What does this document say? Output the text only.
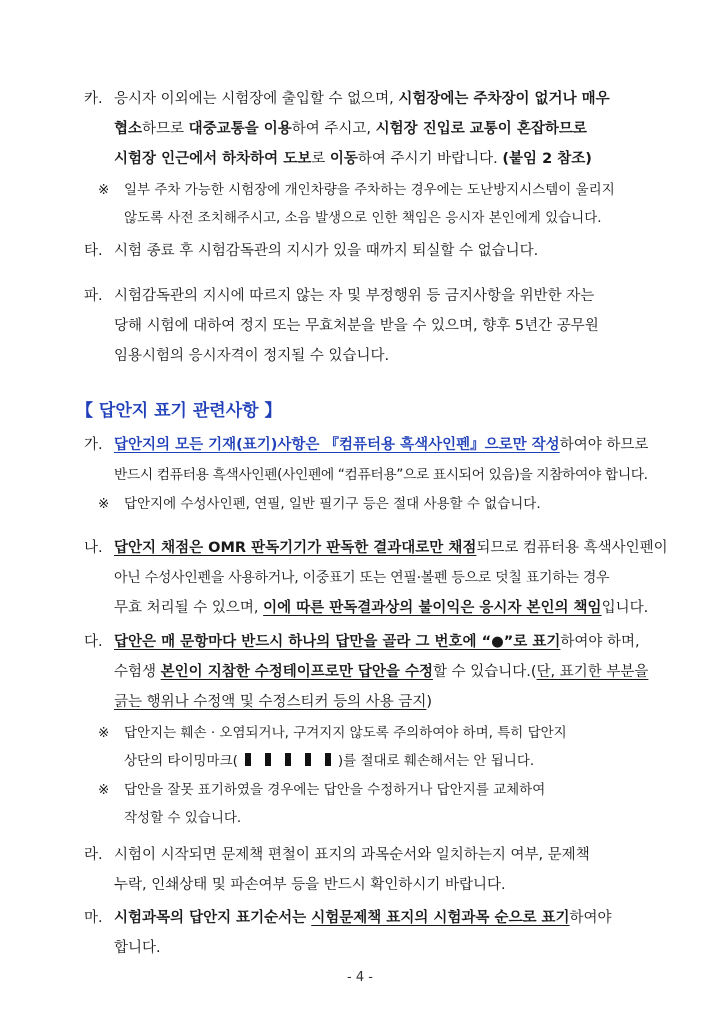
카. 응시자 이외에는 시험장에 출입할 수 없으며, 시험장에는 주차장이 없거나 매우
협소하므로 대중교통을 이용하여 주시고, 시험장 진입로 교통이 혼잡하므로
시험장 인근에서 하차하여 도보로 이동하여 주시기 바랍니다. (붙임 2 참조)
※	일부 주차 가능한 시험장에 개인차량을 주차하는 경우에는 도난방지시스템이 울리지
않도록 사전 조치해주시고, 소음 발생으로 인한 책임은 응시자 본인에게 있습니다.
타. 시험 종료 후 시험감독관의 지시가 있을 때까지 퇴실할 수 없습니다.
파. 시험감독관의 지시에 따르지 않는 자 및 부정행위 등 금지사항을 위반한 자는
당해 시험에 대하여 정지 또는 무효처분을 받을 수 있으며, 향후 5년간 공무원
임용시험의 응시자격이 정지될 수 있습니다.
【 답안지 표기 관련사항 】
가. 답안지의 모든 기재(표기)사항은 『컴퓨터용 흑색사인펜』으로만 작성하여야 하므로
반드시 컴퓨터용 흑색사인펜(사인펜에 “컴퓨터용”으로 표시되어 있음)을 지참하여야 합니다.
※	답안지에 수성사인펜, 연필, 일반 필기구 등은 절대 사용할 수 없습니다.
나. 답안지 채점은 OMR 판독기기가 판독한 결과대로만 채점되므로 컴퓨터용 흑색사인펜이
아닌 수성사인펜을 사용하거나, 이중표기 또는 연필·볼펜 등으로 덧칠 표기하는 경우
무효 처리될 수 있으며, 이에 따른 판독결과상의 불이익은 응시자 본인의 책임입니다.
다. 답안은 매 문항마다 반드시 하나의 답만을 골라 그 번호에 “●”로 표기하여야 하며,
수험생 본인이 지참한 수정테이프로만 답안을 수정할 수 있습니다.(단, 표기한 부분을
긁는 행위나 수정액 및 수정스티커 등의 사용 금지)
※	답안지는 훼손 · 오염되거나, 구겨지지 않도록 주의하여야 하며, 특히 답안지
상단의 타이밍마크(	)를 절대로 훼손해서는 안 됩니다.
※	답안을 잘못 표기하였을 경우에는 답안을 수정하거나 답안지를 교체하여
작성할 수 있습니다.
라. 시험이 시작되면 문제책 편철이 표지의 과목순서와 일치하는지 여부, 문제책
누락, 인쇄상태 및 파손여부 등을 반드시 확인하시기 바랍니다.
마. 시험과목의 답안지 표기순서는 시험문제책 표지의 시험과목 순으로 표기하여야
합니다.
- 4 -
